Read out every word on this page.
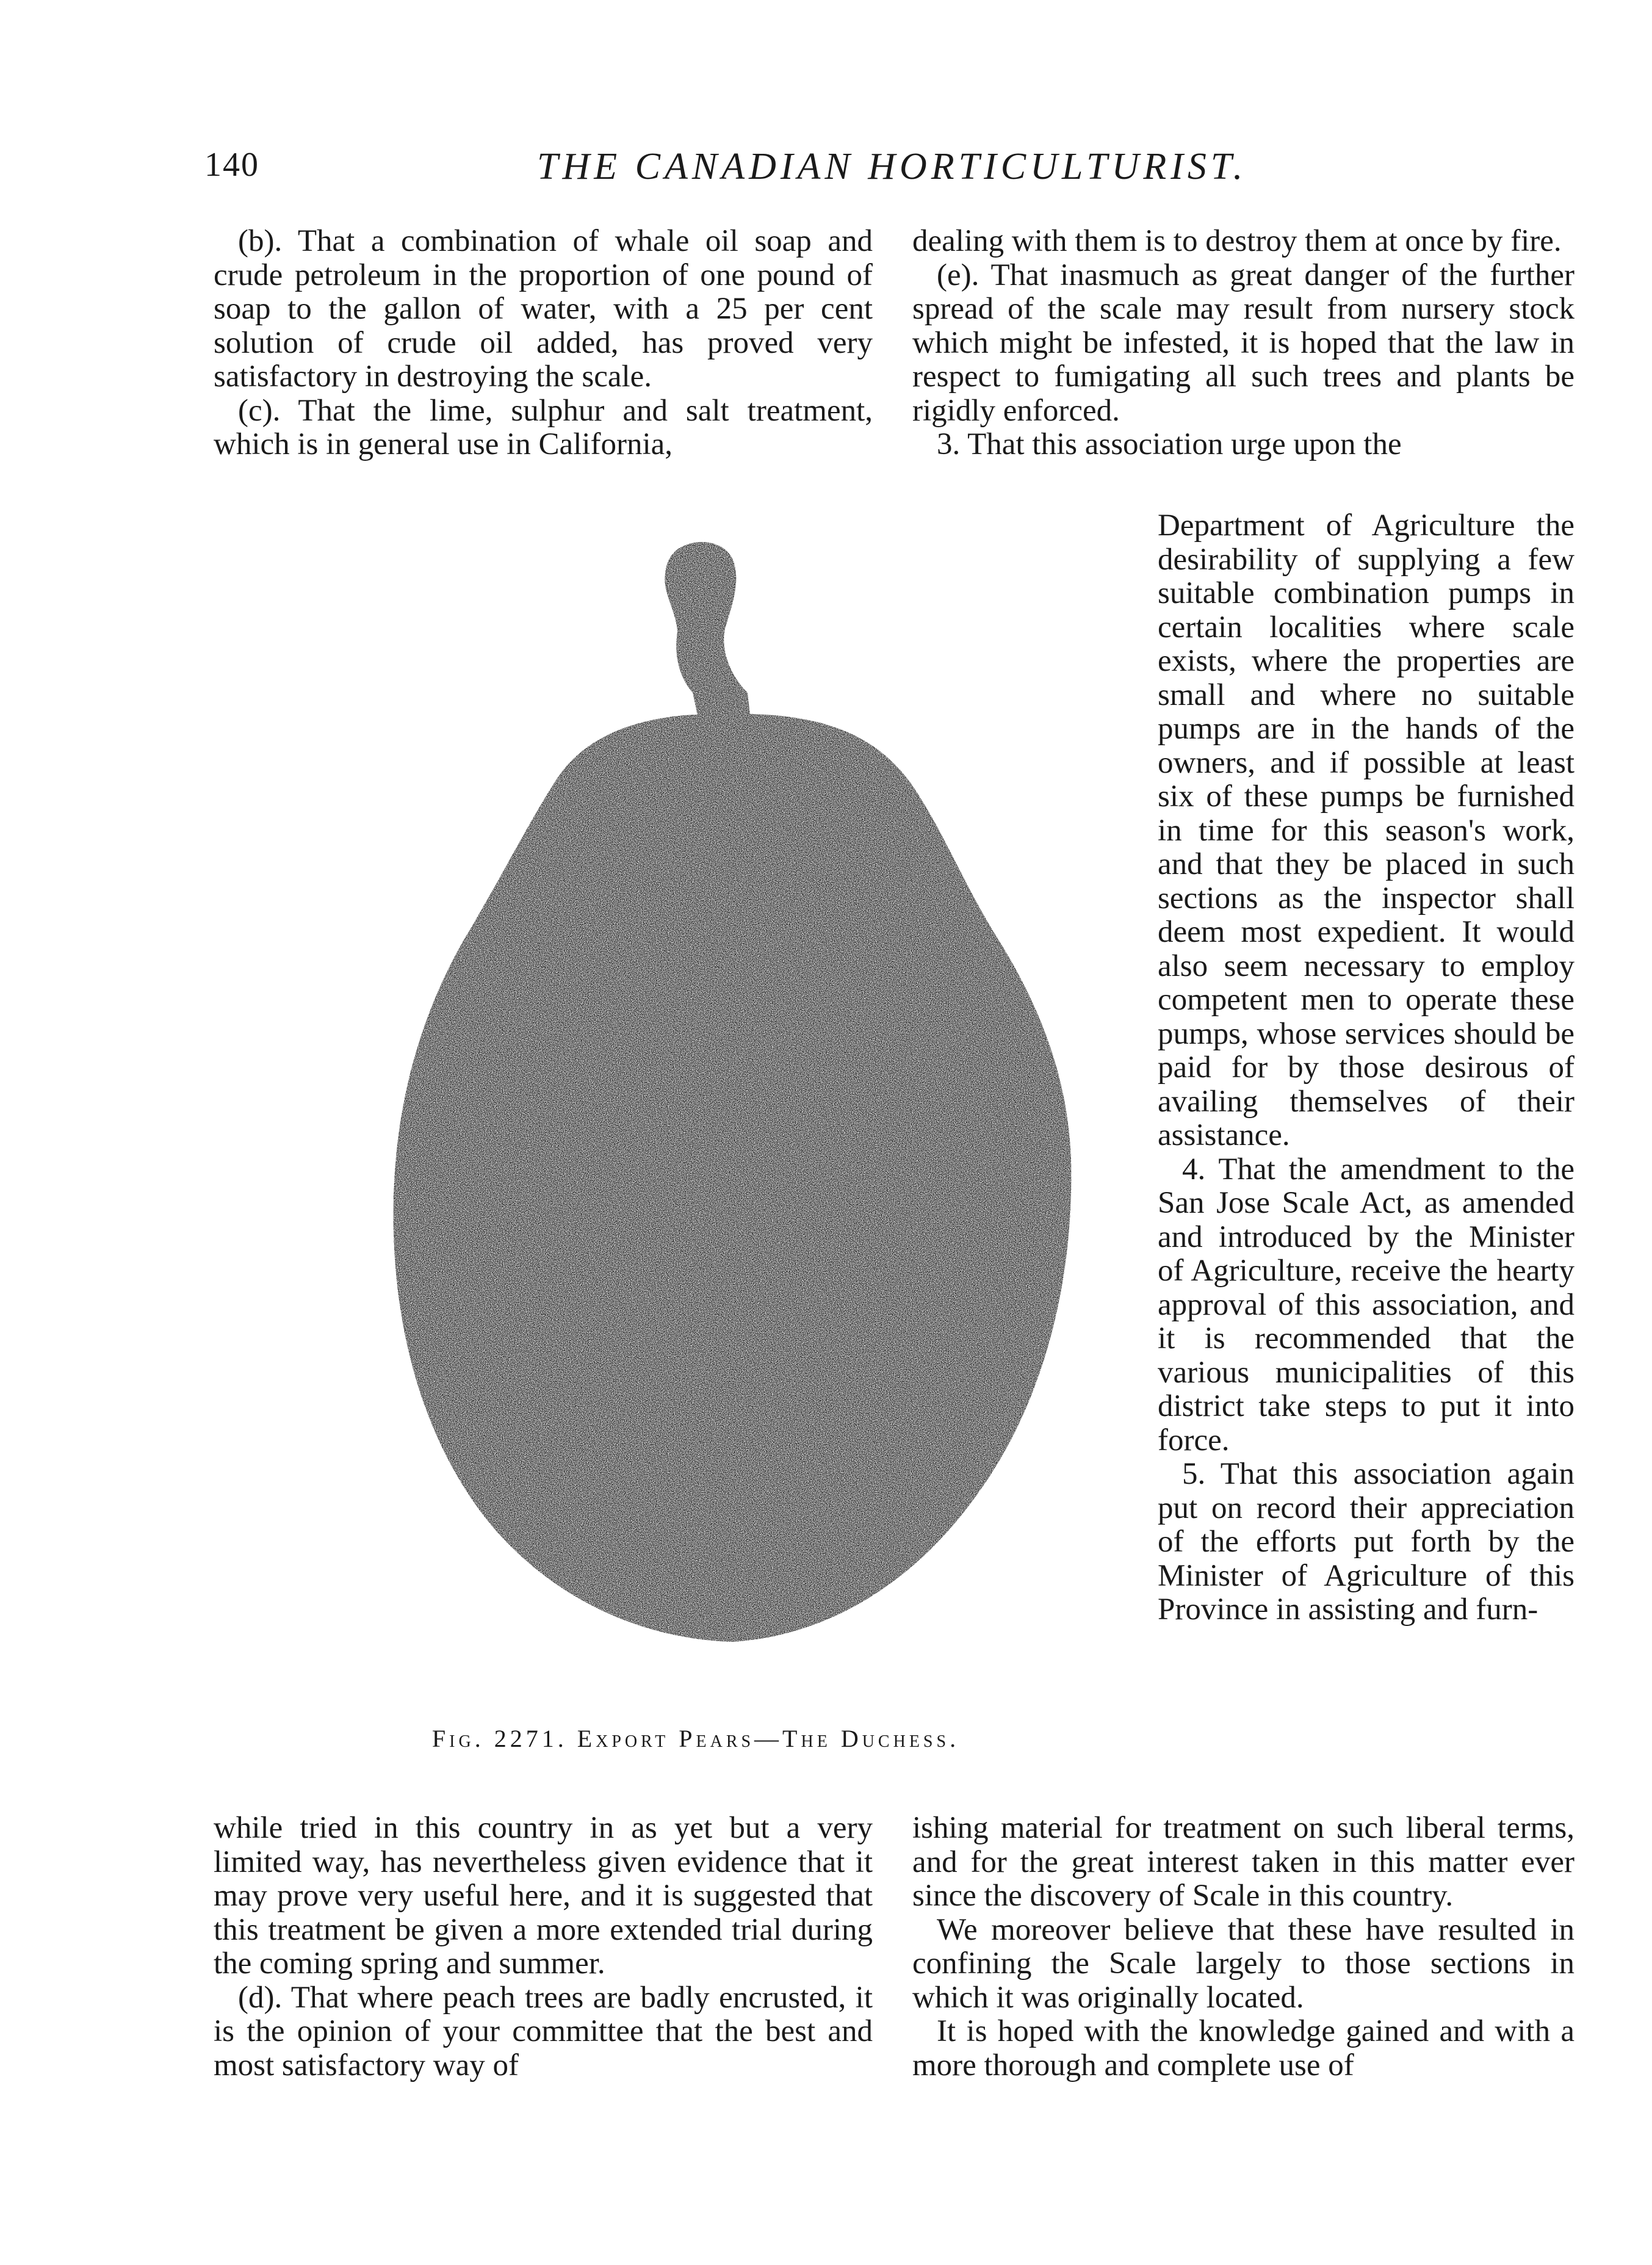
140	THE CANADIAN HORTICULTURIST.

(b). That a combination of whale oil soap and crude petroleum in the proportion of one pound of soap to the gallon of water, with a 25 per cent solution of crude oil added, has proved very satisfactory in destroying the scale.

(c). That the lime, sulphur and salt treatment, which is in general use in California,

dealing with them is to destroy them at once by fire.

(e). That inasmuch as great danger of the further spread of the scale may result from nursery stock which might be infested, it is hoped that the law in respect to fumigating all such trees and plants be rigidly enforced.

3. That this association urge upon the

Department of Agriculture the desirability of supplying a few suitable combination pumps in certain localities where scale exists, where the properties are small and where no suitable pumps are in the hands of the owners, and if possible at least six of these pumps be furnished in time for this season's work, and that they be placed in such sections as the inspector shall deem most expedient. It would also seem necessary to employ competent men to operate these pumps, whose services should be paid for by those desirous of availing themselves of their assistance.

4. That the amendment to the San Jose Scale Act, as amended and introduced by the Minister of Agriculture, receive the hearty approval of this association, and it is recommended that the various municipalities of this district take steps to put it into force.

5. That this association again put on record their appreciation of the efforts put forth by the Minister of Agriculture of this Province in assisting and furn-

Fig. 2271. Export Pears—The Duchess.

while tried in this country in as yet but a very limited way, has nevertheless given evidence that it may prove very useful here, and it is suggested that this treatment be given a more extended trial during the coming spring and summer.

(d). That where peach trees are badly encrusted, it is the opinion of your committee that the best and most satisfactory way of

ishing material for treatment on such liberal terms, and for the great interest taken in this matter ever since the discovery of Scale in this country.

We moreover believe that these have resulted in confining the Scale largely to those sections in which it was originally located.

It is hoped with the knowledge gained and with a more thorough and complete use of
